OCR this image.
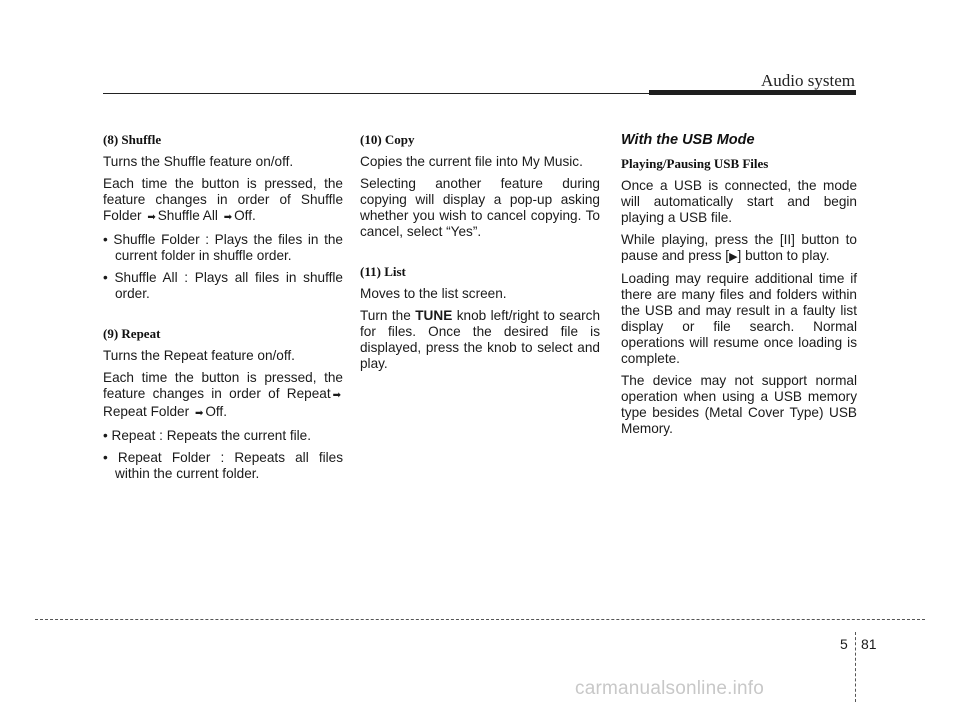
Audio system
(8) Shuffle

Turns the Shuffle feature on/off.

Each time the button is pressed, the feature changes in order of Shuffle Folder ➡ Shuffle All ➡ Off.

• Shuffle Folder : Plays the files in the current folder in shuffle order.

• Shuffle All : Plays all files in shuffle order.

(9) Repeat

Turns the Repeat feature on/off.

Each time the button is pressed, the feature changes in order of Repeat ➡ Repeat Folder ➡ Off.

• Repeat : Repeats the current file.

• Repeat Folder : Repeats all files within the current folder.

(10) Copy

Copies the current file into My Music.

Selecting another feature during copying will display a pop-up asking whether you wish to cancel copying. To cancel, select “Yes”.

(11) List

Moves to the list screen.

Turn the TUNE knob left/right to search for files. Once the desired file is displayed, press the knob to select and play.

With the USB Mode
Playing/Pausing USB Files

Once a USB is connected, the mode will automatically start and begin playing a USB file.

While playing, press the [II] button to pause and press [▶] button to play.

Loading may require additional time if there are many files and folders within the USB and may result in a faulty list display or file search. Normal operations will resume once loading is complete.

The device may not support normal operation when using a USB memory type besides (Metal Cover Type) USB Memory.

5 81
carmanualsonline.info
